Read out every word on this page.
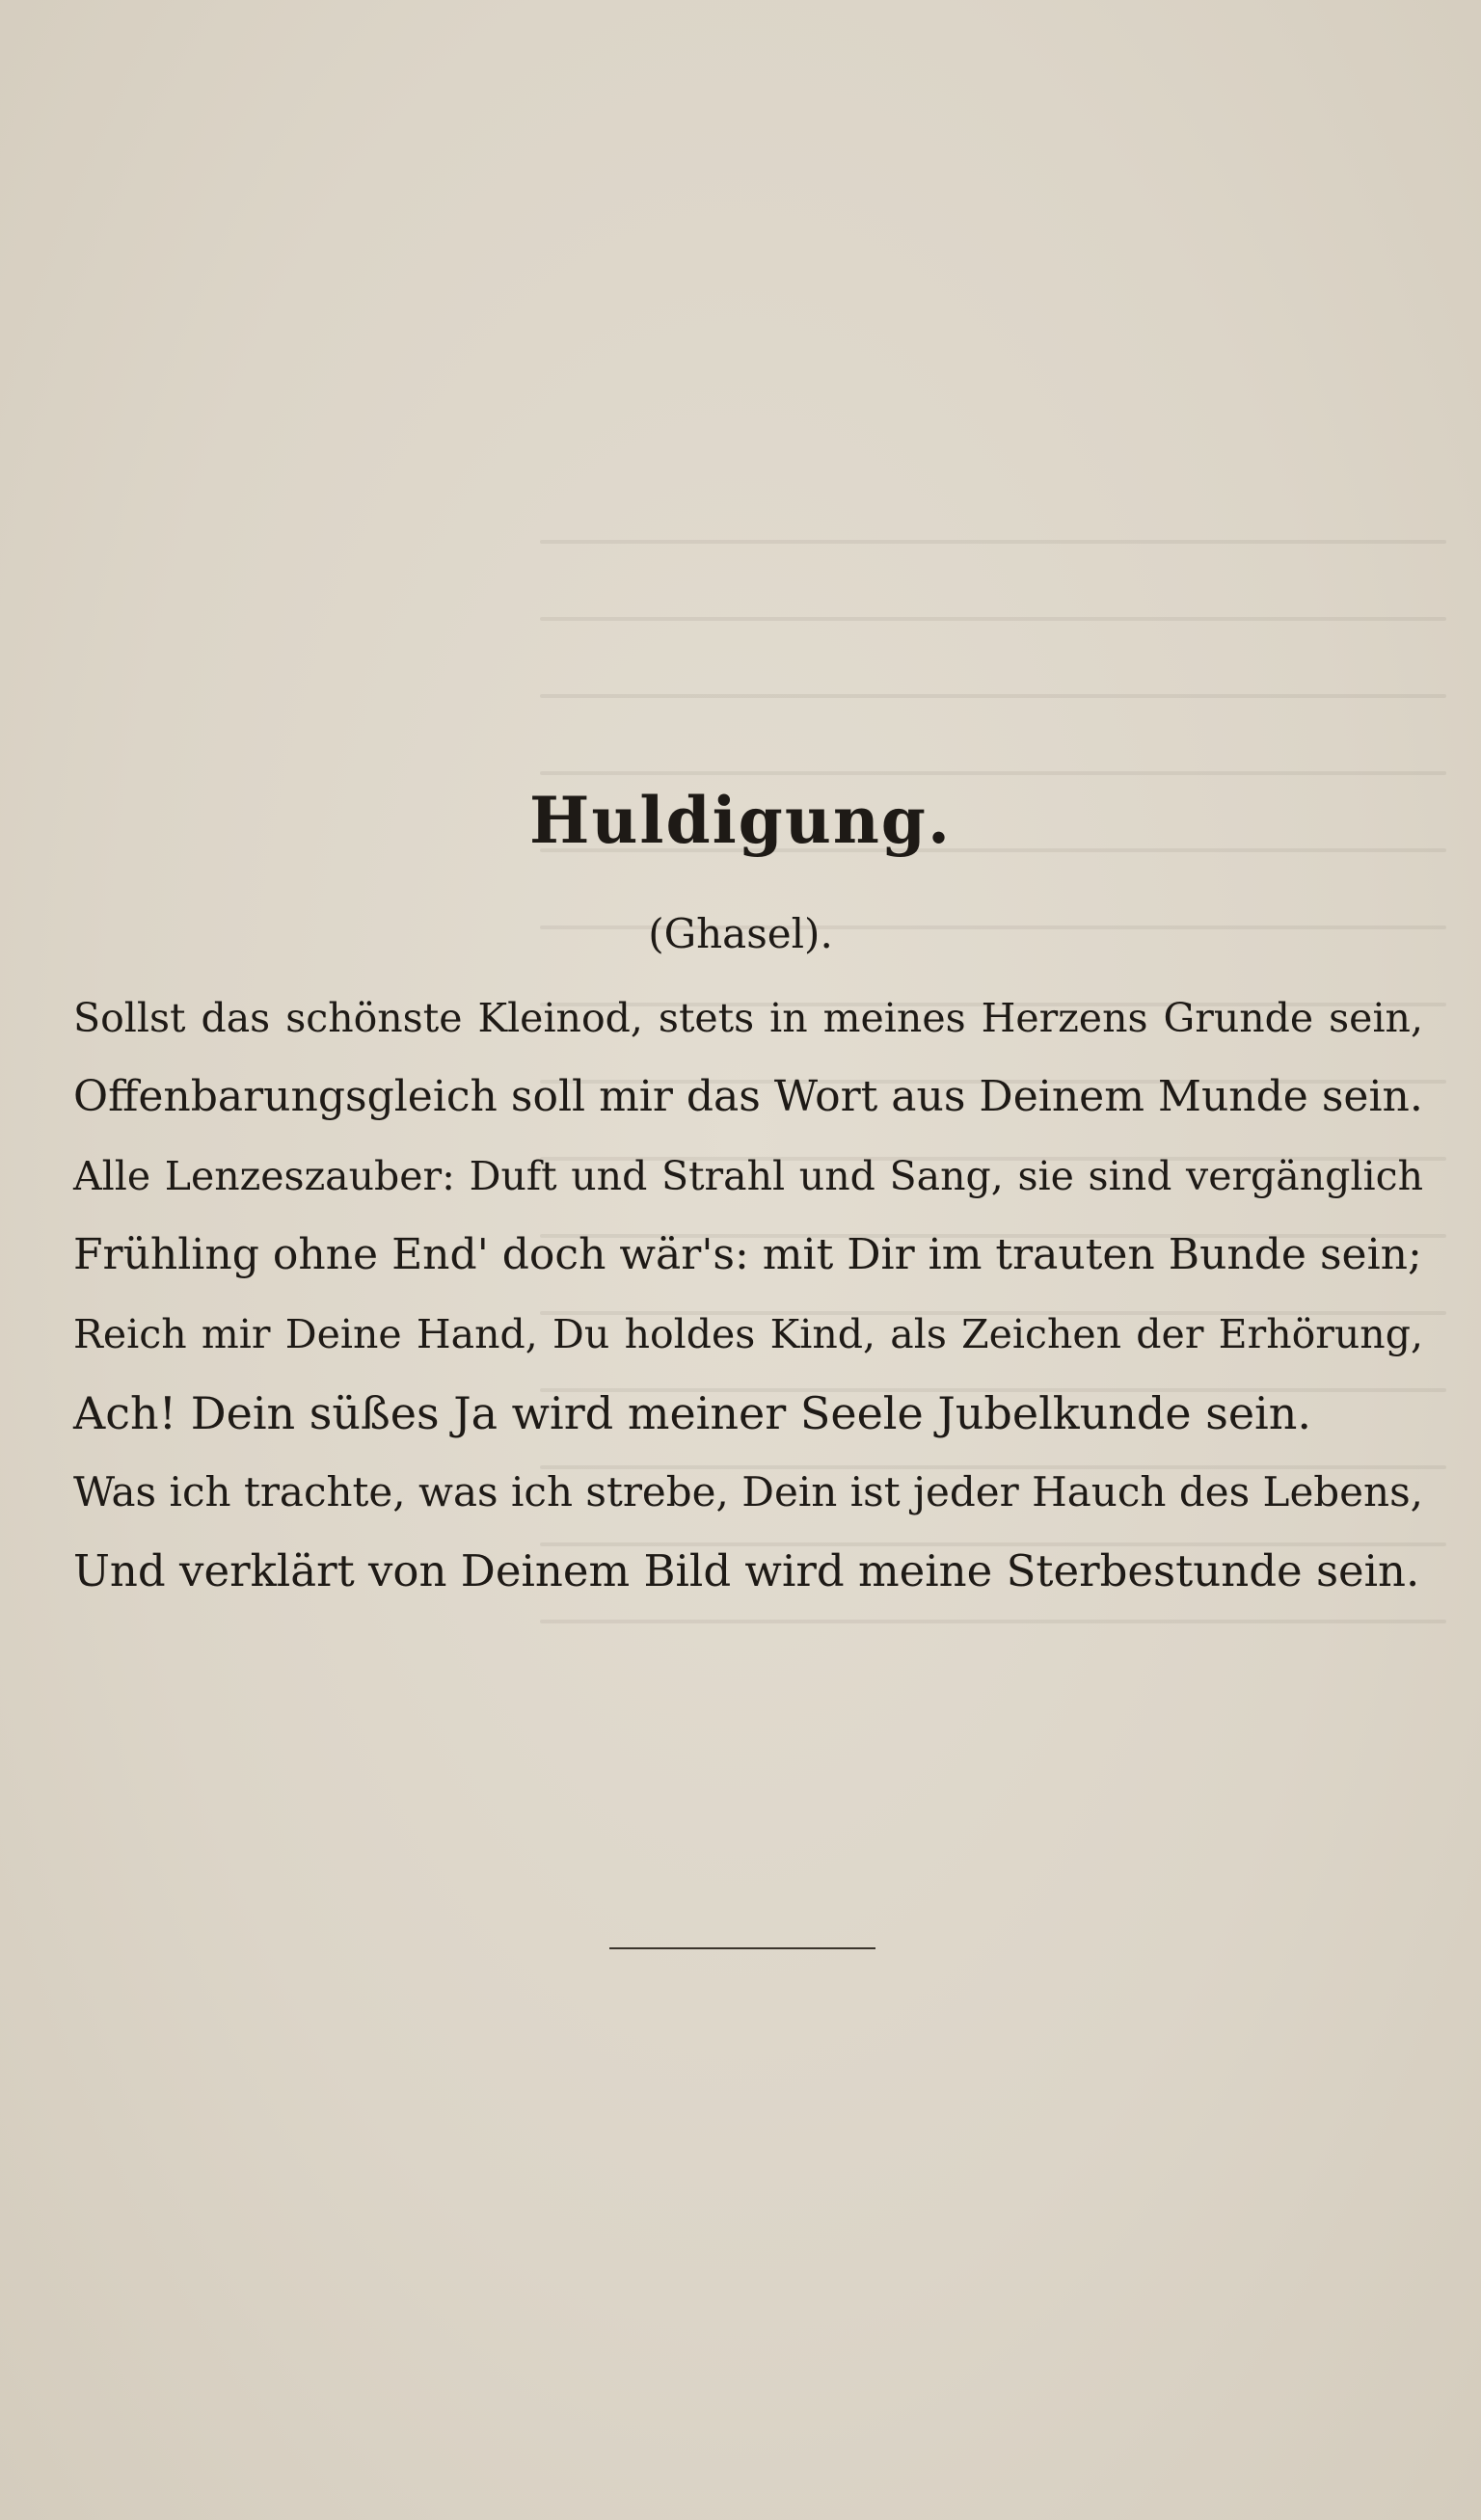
Huldigung.
(Ghasel).
Sollst das schönste Kleinod, stets in meines Herzens Grunde sein,
Offenbarungsgleich soll mir das Wort aus Deinem Munde sein.
Alle Lenzeszauber: Duft und Strahl und Sang, sie sind vergänglich
Frühling ohne End' doch wär's: mit Dir im trauten Bunde sein;
Reich mir Deine Hand, Du holdes Kind, als Zeichen der Erhörung,
Ach! Dein süßes Ja wird meiner Seele Jubelkunde sein.
Was ich trachte, was ich strebe, Dein ist jeder Hauch des Lebens,
Und verklärt von Deinem Bild wird meine Sterbestunde sein.
